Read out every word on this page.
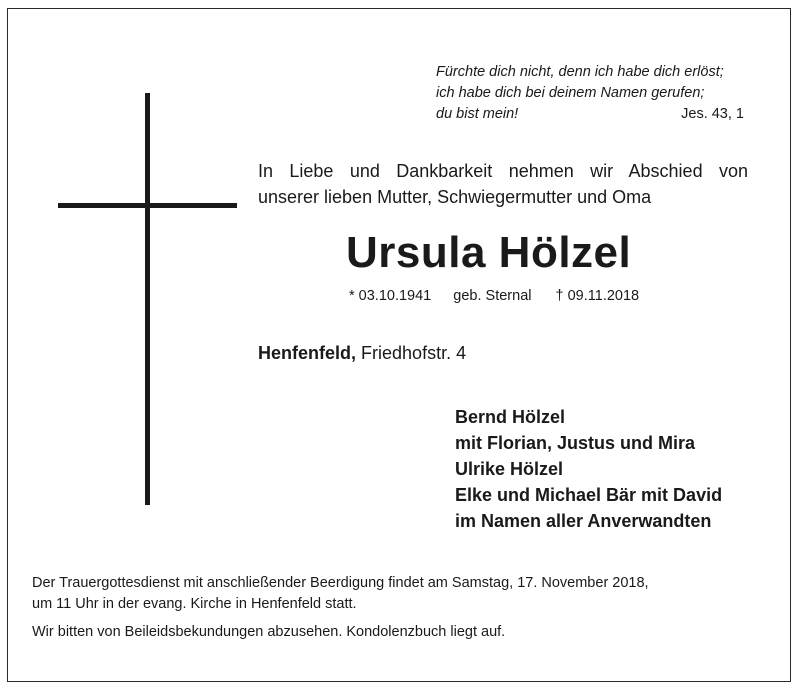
Fürchte dich nicht, denn ich habe dich erlöst;
ich habe dich bei deinem Namen gerufen;
du bist mein!	Jes. 43, 1
In Liebe und Dankbarkeit nehmen wir Abschied von
unserer lieben Mutter, Schwiegermutter und Oma
Ursula Hölzel
* 03.10.1941 geb. Sternal † 09.11.2018
Henfenfeld, Friedhofstr. 4
Bernd Hölzel
mit Florian, Justus und Mira
Ulrike Hölzel
Elke und Michael Bär mit David
im Namen aller Anverwandten
Der Trauergottesdienst mit anschließender Beerdigung findet am Samstag, 17. November 2018,
um 11 Uhr in der evang. Kirche in Henfenfeld statt.
Wir bitten von Beileidsbekundungen abzusehen. Kondolenzbuch liegt auf.
